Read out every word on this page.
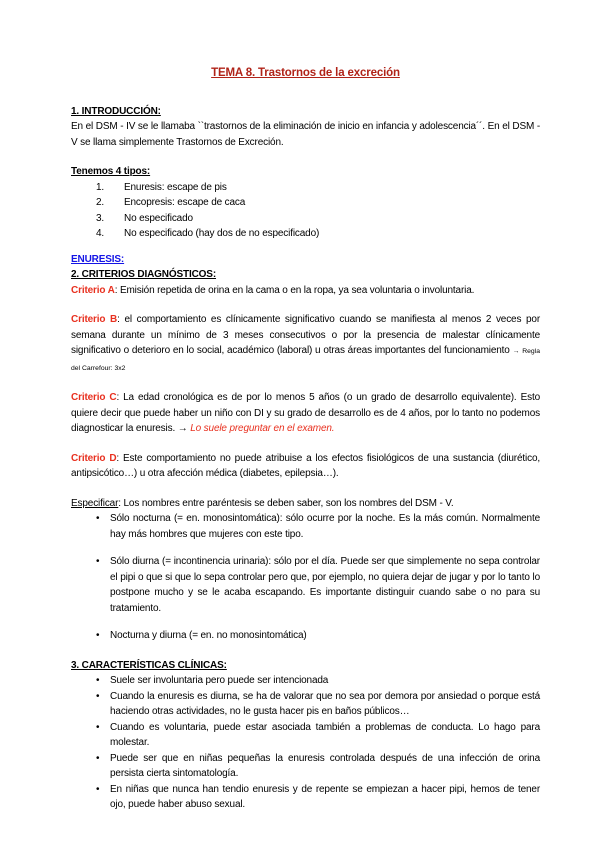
TEMA 8. Trastornos de la excreción
1. INTRODUCCIÓN:

En el DSM - IV se le llamaba ``trastornos de la eliminación de inicio en infancia y adolescencia´´. En el DSM - V se llama simplemente Trastornos de Excreción.

Tenemos 4 tipos:
1. Enuresis: escape de pis
2. Encopresis: escape de caca
3. No especificado
4. No especificado (hay dos de no especificado)
ENURESIS:
2. CRITERIOS DIAGNÓSTICOS:

Criterio A: Emisión repetida de orina en la cama o en la ropa, ya sea voluntaria o involuntaria.

Criterio B: el comportamiento es clínicamente significativo cuando se manifiesta al menos 2 veces por semana durante un mínimo de 3 meses consecutivos o por la presencia de malestar clínicamente significativo o deterioro en lo social, académico (laboral) u otras áreas importantes del funcionamiento → Regla del Carrefour: 3x2

Criterio C: La edad cronológica es de por lo menos 5 años (o un grado de desarrollo equivalente). Esto quiere decir que puede haber un niño con DI y su grado de desarrollo es de 4 años, por lo tanto no podemos diagnosticar la enuresis. → Lo suele preguntar en el examen.

Criterio D: Este comportamiento no puede atribuise a los efectos fisiológicos de una sustancia (diurético, antipsicótico…) u otra afección médica (diabetes, epilepsia…).

Especificar: Los nombres entre paréntesis se deben saber, son los nombres del DSM - V.

• Sólo nocturna (= en. monosintomática): sólo ocurre por la noche. Es la más común. Normalmente hay más hombres que mujeres con este tipo.
• Sólo diurna (= incontinencia urinaria): sólo por el día. Puede ser que simplemente no sepa controlar el pipi o que si que lo sepa controlar pero que, por ejemplo, no quiera dejar de jugar y por lo tanto lo postpone mucho y se le acaba escapando. Es importante distinguir cuando sabe o no para su tratamiento.
• Nocturna y diurna (= en. no monosintomática)
3. CARACTERÍSTICAS CLÍNICAS:
• Suele ser involuntaria pero puede ser intencionada
• Cuando la enuresis es diurna, se ha de valorar que no sea por demora por ansiedad o porque está haciendo otras actividades, no le gusta hacer pis en baños públicos…
• Cuando es voluntaria, puede estar asociada también a problemas de conducta. Lo hago para molestar.
• Puede ser que en niñas pequeñas la enuresis controlada después de una infección de orina persista cierta sintomatología.
• En niñas que nunca han tendio enuresis y de repente se empiezan a hacer pipi, hemos de tener ojo, puede haber abuso sexual.
